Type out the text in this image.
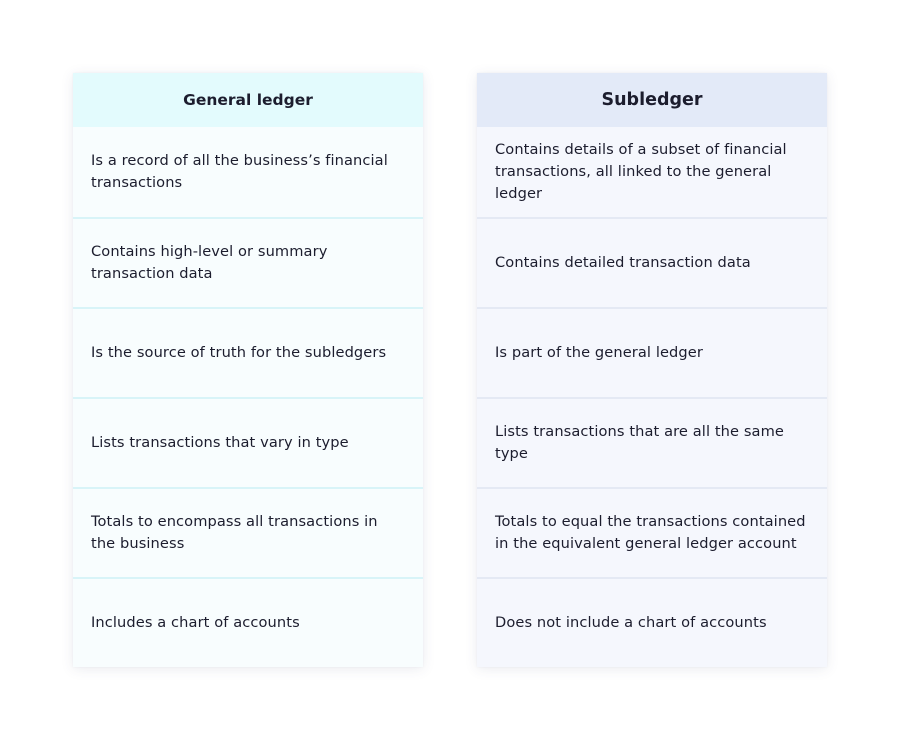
General ledger
Is a record of all the business’s financial transactions
Contains high-level or summary transaction data
Is the source of truth for the subledgers
Lists transactions that vary in type
Totals to encompass all transactions in the business
Includes a chart of accounts
Subledger
Contains details of a subset of financial transactions, all linked to the general ledger
Contains detailed transaction data
Is part of the general ledger
Lists transactions that are all the same type
Totals to equal the transactions contained in the equivalent general ledger account
Does not include a chart of accounts
